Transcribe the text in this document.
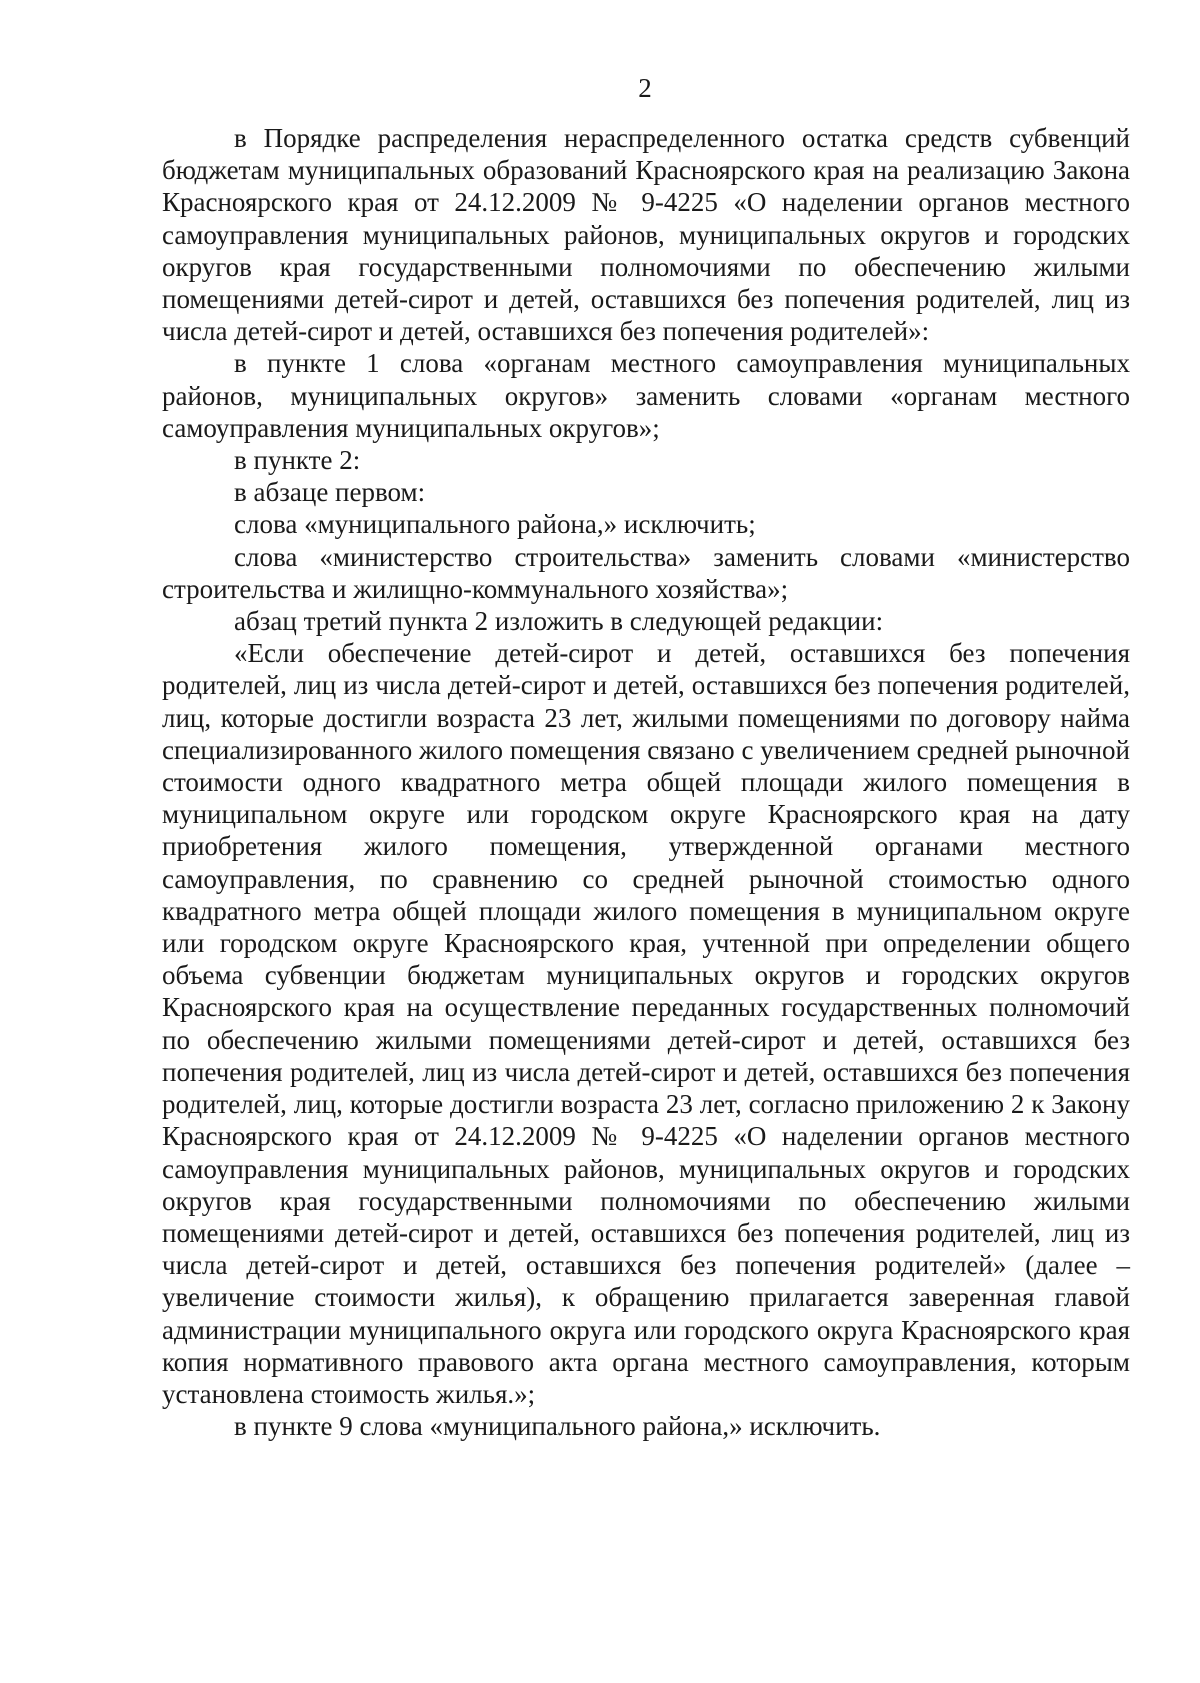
2

в Порядке распределения нераспределенного остатка средств субвенций бюджетам муниципальных образований Красноярского края на реализацию Закона Красноярского края от 24.12.2009 № 9-4225 «О наделении органов местного самоуправления муниципальных районов, муниципальных округов и городских округов края государственными полномочиями по обеспечению жилыми помещениями детей-сирот и детей, оставшихся без попечения родителей, лиц из числа детей-сирот и детей, оставшихся без попечения родителей»:

в пункте 1 слова «органам местного самоуправления муниципальных районов, муниципальных округов» заменить словами «органам местного самоуправления муниципальных округов»;

в пункте 2:

в абзаце первом:

слова «муниципального района,» исключить;

слова «министерство строительства» заменить словами «министерство строительства и жилищно-коммунального хозяйства»;

абзац третий пункта 2 изложить в следующей редакции:

«Если обеспечение детей-сирот и детей, оставшихся без попечения родителей, лиц из числа детей-сирот и детей, оставшихся без попечения родителей, лиц, которые достигли возраста 23 лет, жилыми помещениями по договору найма специализированного жилого помещения связано с увеличением средней рыночной стоимости одного квадратного метра общей площади жилого помещения в муниципальном округе или городском округе Красноярского края на дату приобретения жилого помещения, утвержденной органами местного самоуправления, по сравнению со средней рыночной стоимостью одного квадратного метра общей площади жилого помещения в муниципальном округе или городском округе Красноярского края, учтенной при определении общего объема субвенции бюджетам муниципальных округов и городских округов Красноярского края на осуществление переданных государственных полномочий по обеспечению жилыми помещениями детей-сирот и детей, оставшихся без попечения родителей, лиц из числа детей-сирот и детей, оставшихся без попечения родителей, лиц, которые достигли возраста 23 лет, согласно приложению 2 к Закону Красноярского края от 24.12.2009 № 9-4225 «О наделении органов местного самоуправления муниципальных районов, муниципальных округов и городских округов края государственными полномочиями по обеспечению жилыми помещениями детей-сирот и детей, оставшихся без попечения родителей, лиц из числа детей-сирот и детей, оставшихся без попечения родителей» (далее – увеличение стоимости жилья), к обращению прилагается заверенная главой администрации муниципального округа или городского округа Красноярского края копия нормативного правового акта органа местного самоуправления, которым установлена стоимость жилья.»;

в пункте 9 слова «муниципального района,» исключить.
